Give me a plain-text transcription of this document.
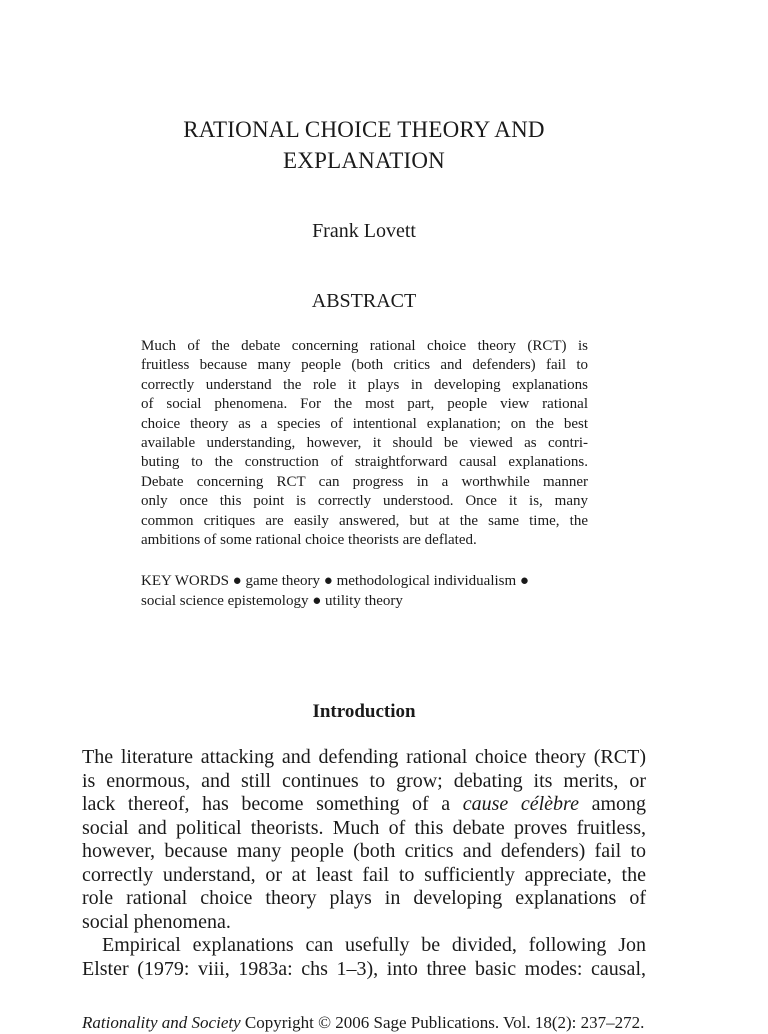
RATIONAL CHOICE THEORY AND
EXPLANATION

Frank Lovett

ABSTRACT
Much of the debate concerning rational choice theory (RCT) is
fruitless because many people (both critics and defenders) fail to
correctly understand the role it plays in developing explanations
of social phenomena. For the most part, people view rational
choice theory as a species of intentional explanation; on the best
available understanding, however, it should be viewed as contri-
buting to the construction of straightforward causal explanations.
Debate concerning RCT can progress in a worthwhile manner
only once this point is correctly understood. Once it is, many
common critiques are easily answered, but at the same time, the
ambitions of some rational choice theorists are deflated.
KEY WORDS ● game theory ● methodological individualism ●
social science epistemology ● utility theory
Introduction
The literature attacking and defending rational choice theory (RCT)
is enormous, and still continues to grow; debating its merits, or
lack thereof, has become something of a cause célèbre among
social and political theorists. Much of this debate proves fruitless,
however, because many people (both critics and defenders) fail to
correctly understand, or at least fail to sufficiently appreciate, the
role rational choice theory plays in developing explanations of
social phenomena.
Empirical explanations can usefully be divided, following Jon
Elster (1979: viii, 1983a: chs 1–3), into three basic modes: causal,

Rationality and Society Copyright © 2006 Sage Publications. Vol. 18(2): 237–272.
